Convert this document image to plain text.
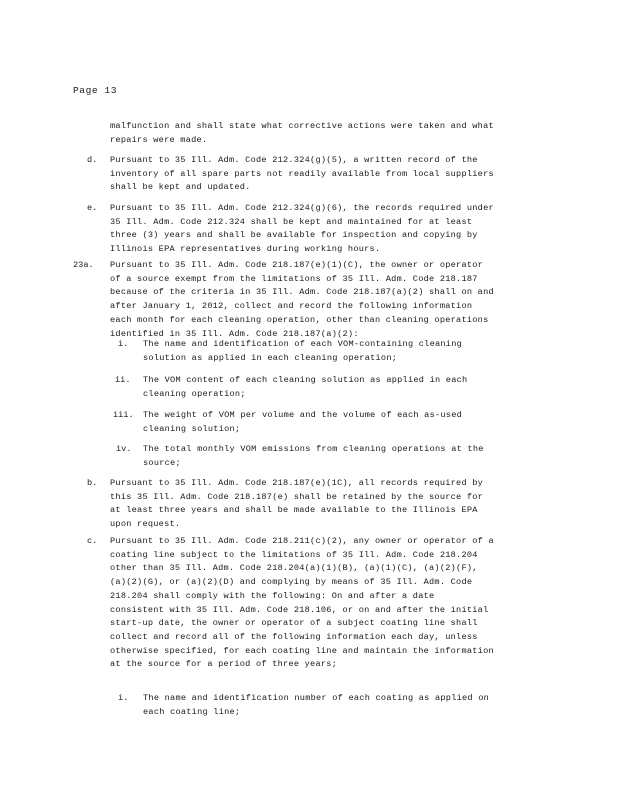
Page 13
malfunction and shall state what corrective actions were taken and what
repairs were made.
d. Pursuant to 35 Ill. Adm. Code 212.324(g)(5), a written record of the
inventory of all spare parts not readily available from local suppliers
shall be kept and updated.
e. Pursuant to 35 Ill. Adm. Code 212.324(g)(6), the records required under
35 Ill. Adm. Code 212.324 shall be kept and maintained for at least
three (3) years and shall be available for inspection and copying by
Illinois EPA representatives during working hours.
23a. Pursuant to 35 Ill. Adm. Code 218.187(e)(1)(C), the owner or operator
of a source exempt from the limitations of 35 Ill. Adm. Code 218.187
because of the criteria in 35 Ill. Adm. Code 218.187(a)(2) shall on and
after January 1, 2012, collect and record the following information
each month for each cleaning operation, other than cleaning operations
identified in 35 Ill. Adm. Code 218.187(a)(2):
i. The name and identification of each VOM-containing cleaning
solution as applied in each cleaning operation;
ii. The VOM content of each cleaning solution as applied in each
cleaning operation;
iii. The weight of VOM per volume and the volume of each as-used
cleaning solution;
iv. The total monthly VOM emissions from cleaning operations at the
source;
b. Pursuant to 35 Ill. Adm. Code 218.187(e)(1C), all records required by
this 35 Ill. Adm. Code 218.187(e) shall be retained by the source for
at least three years and shall be made available to the Illinois EPA
upon request.
c. Pursuant to 35 Ill. Adm. Code 218.211(c)(2), any owner or operator of a
coating line subject to the limitations of 35 Ill. Adm. Code 218.204
other than 35 Ill. Adm. Code 218.204(a)(1)(B), (a)(1)(C), (a)(2)(F),
(a)(2)(G), or (a)(2)(D) and complying by means of 35 Ill. Adm. Code
218.204 shall comply with the following: On and after a date
consistent with 35 Ill. Adm. Code 218.106, or on and after the initial
start-up date, the owner or operator of a subject coating line shall
collect and record all of the following information each day, unless
otherwise specified, for each coating line and maintain the information
at the source for a period of three years;
i. The name and identification number of each coating as applied on
each coating line;
